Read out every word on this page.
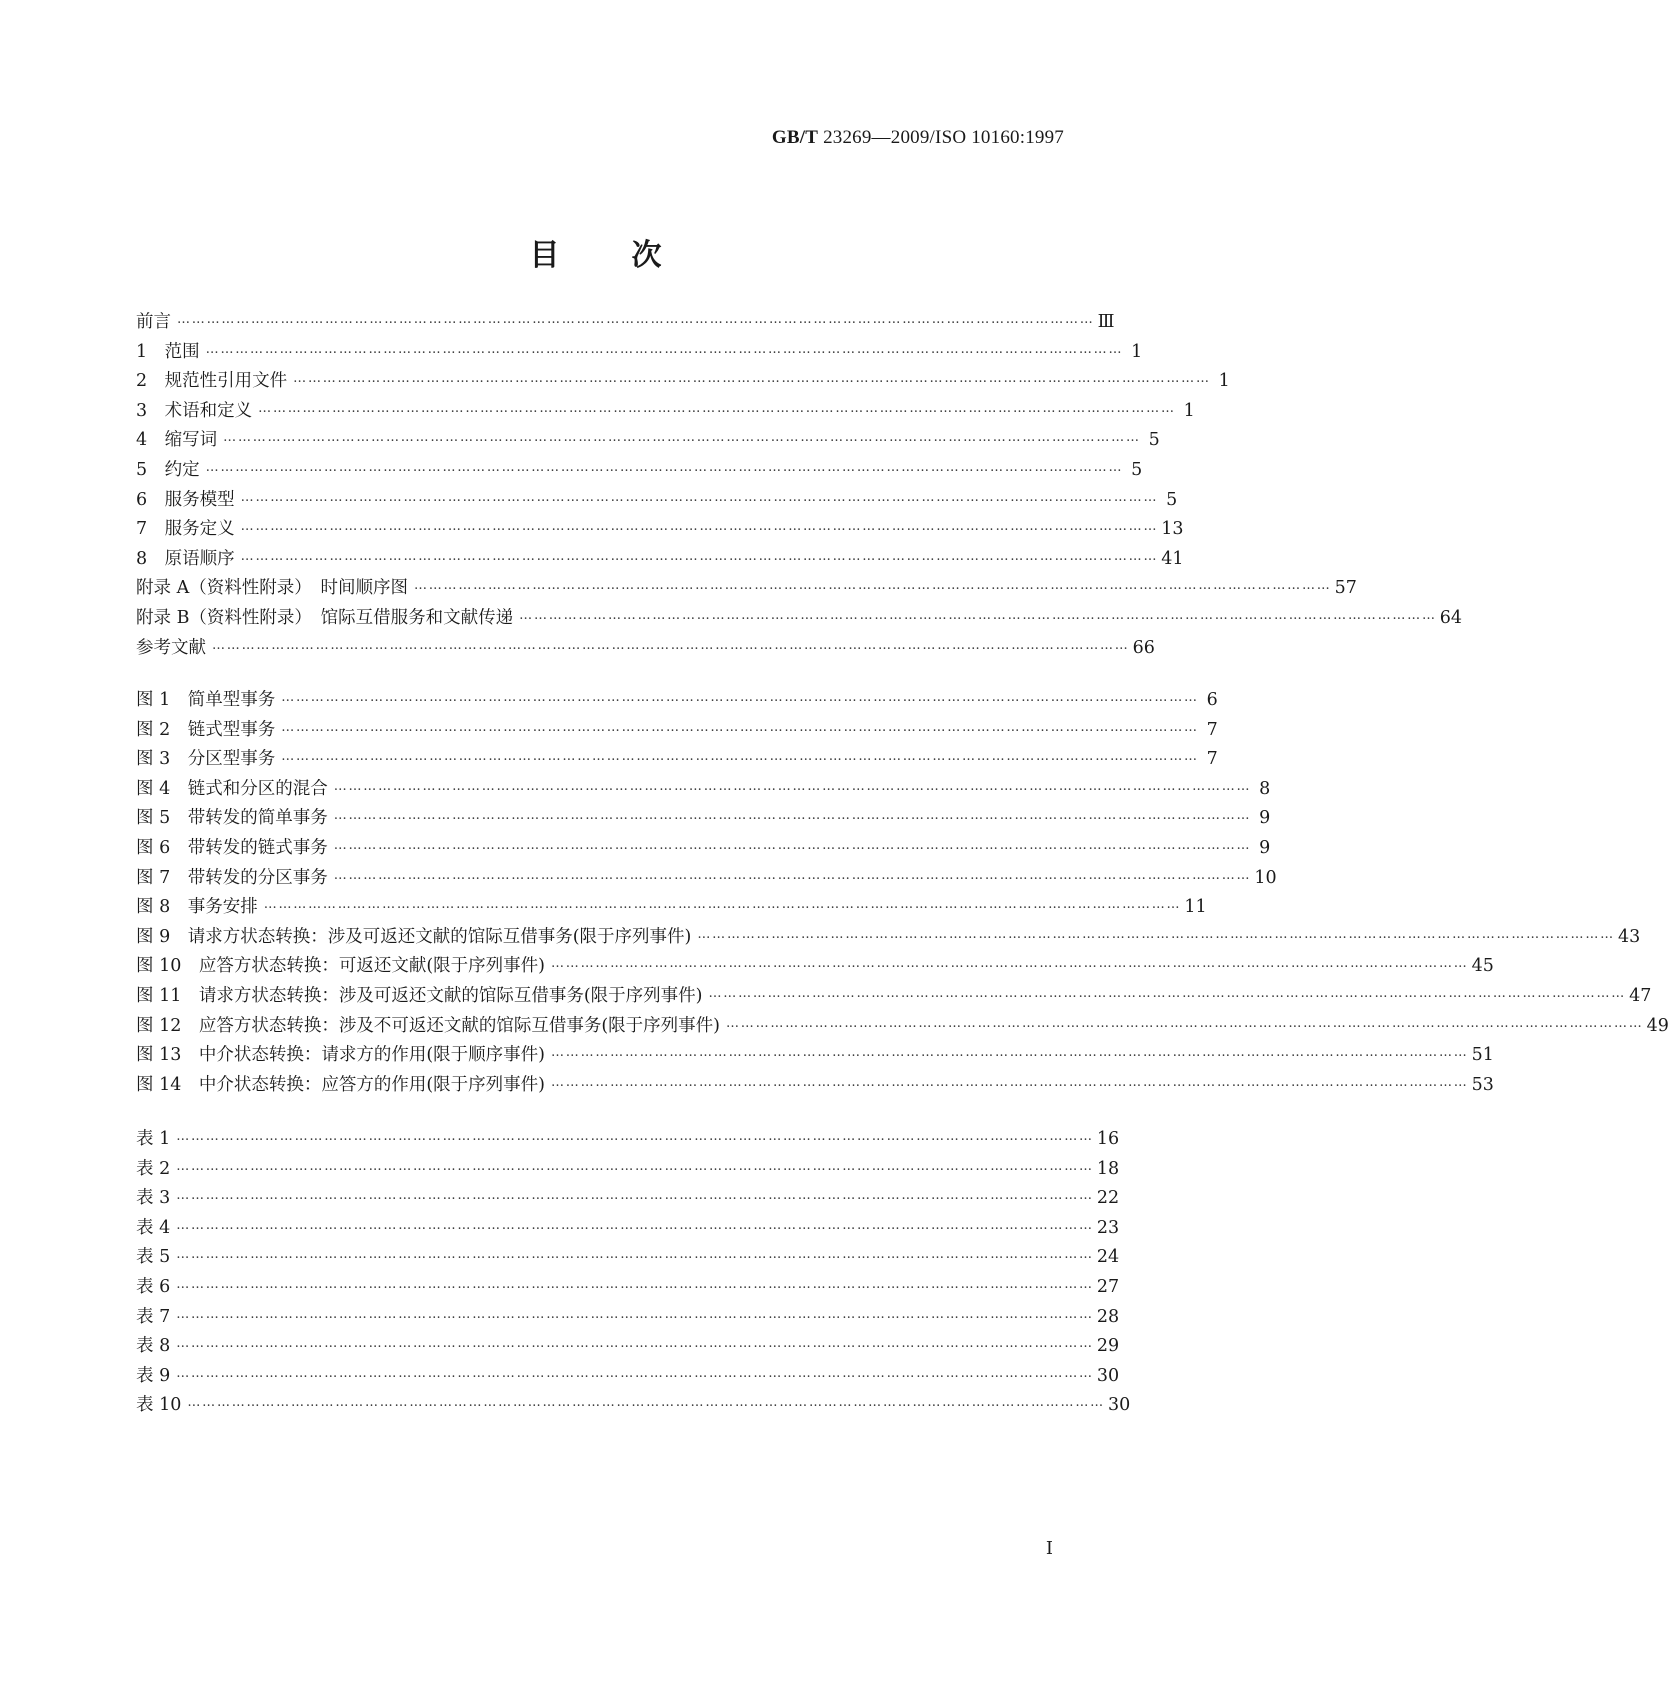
GB/T 23269—2009/ISO 10160:1997
目 次
前言 …………………………………………………………………………………………………………………………………………………………………… Ⅲ
1　范围 …………………………………………………………………………………………………………………………………………………………………… 1
2　规范性引用文件 …………………………………………………………………………………………………………………………………………………………………… 1
3　术语和定义 …………………………………………………………………………………………………………………………………………………………………… 1
4　缩写词 …………………………………………………………………………………………………………………………………………………………………… 5
5　约定 …………………………………………………………………………………………………………………………………………………………………… 5
6　服务模型 …………………………………………………………………………………………………………………………………………………………………… 5
7　服务定义 …………………………………………………………………………………………………………………………………………………………………… 13
8　原语顺序 …………………………………………………………………………………………………………………………………………………………………… 41
附录 A（资料性附录）　时间顺序图 …………………………………………………………………………………………………………………………………………………………………… 57
附录 B（资料性附录）　馆际互借服务和文献传递 …………………………………………………………………………………………………………………………………………………………………… 64
参考文献 …………………………………………………………………………………………………………………………………………………………………… 66
图 1　简单型事务 …………………………………………………………………………………………………………………………………………………………………… 6
图 2　链式型事务 …………………………………………………………………………………………………………………………………………………………………… 7
图 3　分区型事务 …………………………………………………………………………………………………………………………………………………………………… 7
图 4　链式和分区的混合 …………………………………………………………………………………………………………………………………………………………………… 8
图 5　带转发的简单事务 …………………………………………………………………………………………………………………………………………………………………… 9
图 6　带转发的链式事务 …………………………………………………………………………………………………………………………………………………………………… 9
图 7　带转发的分区事务 …………………………………………………………………………………………………………………………………………………………………… 10
图 8　事务安排 …………………………………………………………………………………………………………………………………………………………………… 11
图 9　请求方状态转换：涉及可返还文献的馆际互借事务(限于序列事件) …………………………………………………………………………………………………………………………………………………………………… 43
图 10　应答方状态转换：可返还文献(限于序列事件) …………………………………………………………………………………………………………………………………………………………………… 45
图 11　请求方状态转换：涉及可返还文献的馆际互借事务(限于序列事件) …………………………………………………………………………………………………………………………………………………………………… 47
图 12　应答方状态转换：涉及不可返还文献的馆际互借事务(限于序列事件) …………………………………………………………………………………………………………………………………………………………………… 49
图 13　中介状态转换：请求方的作用(限于顺序事件) …………………………………………………………………………………………………………………………………………………………………… 51
图 14　中介状态转换：应答方的作用(限于序列事件) …………………………………………………………………………………………………………………………………………………………………… 53
表 1 …………………………………………………………………………………………………………………………………………………………………… 16
表 2 …………………………………………………………………………………………………………………………………………………………………… 18
表 3 …………………………………………………………………………………………………………………………………………………………………… 22
表 4 …………………………………………………………………………………………………………………………………………………………………… 23
表 5 …………………………………………………………………………………………………………………………………………………………………… 24
表 6 …………………………………………………………………………………………………………………………………………………………………… 27
表 7 …………………………………………………………………………………………………………………………………………………………………… 28
表 8 …………………………………………………………………………………………………………………………………………………………………… 29
表 9 …………………………………………………………………………………………………………………………………………………………………… 30
表 10 …………………………………………………………………………………………………………………………………………………………………… 30
I
